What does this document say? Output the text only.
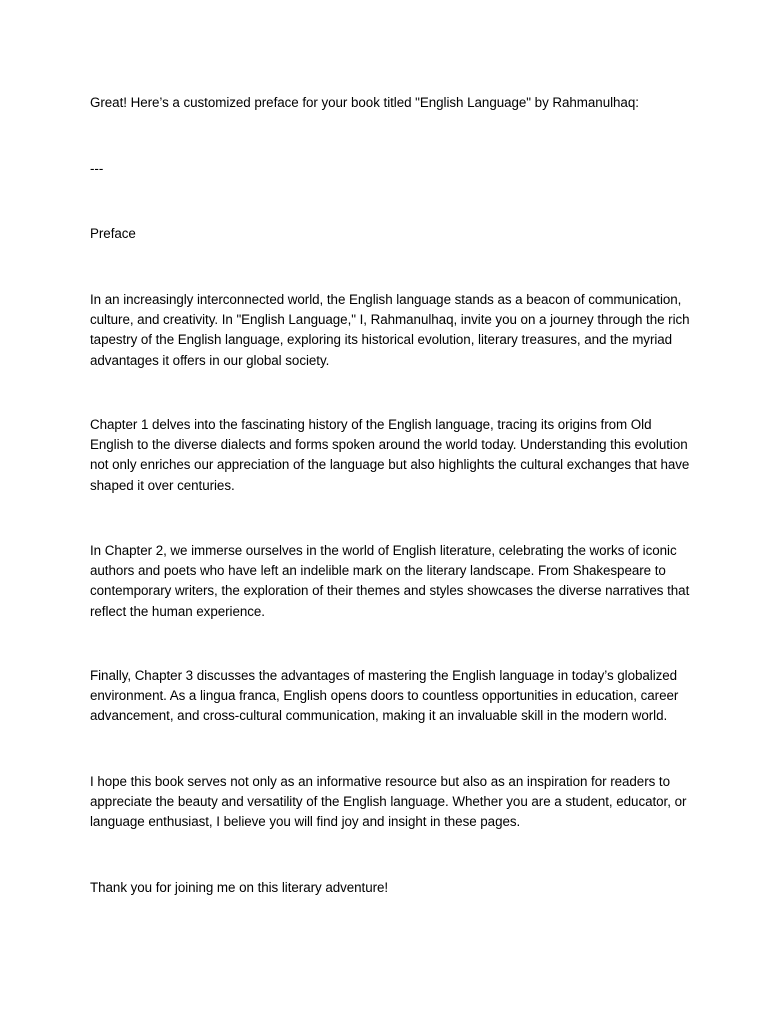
Great! Here’s a customized preface for your book titled "English Language" by Rahmanulhaq:

---

Preface

In an increasingly interconnected world, the English language stands as a beacon of communication, culture, and creativity. In "English Language," I, Rahmanulhaq, invite you on a journey through the rich tapestry of the English language, exploring its historical evolution, literary treasures, and the myriad advantages it offers in our global society.

Chapter 1 delves into the fascinating history of the English language, tracing its origins from Old English to the diverse dialects and forms spoken around the world today. Understanding this evolution not only enriches our appreciation of the language but also highlights the cultural exchanges that have shaped it over centuries.

In Chapter 2, we immerse ourselves in the world of English literature, celebrating the works of iconic authors and poets who have left an indelible mark on the literary landscape. From Shakespeare to contemporary writers, the exploration of their themes and styles showcases the diverse narratives that reflect the human experience.

Finally, Chapter 3 discusses the advantages of mastering the English language in today’s globalized environment. As a lingua franca, English opens doors to countless opportunities in education, career advancement, and cross-cultural communication, making it an invaluable skill in the modern world.

I hope this book serves not only as an informative resource but also as an inspiration for readers to appreciate the beauty and versatility of the English language. Whether you are a student, educator, or language enthusiast, I believe you will find joy and insight in these pages.

Thank you for joining me on this literary adventure!
